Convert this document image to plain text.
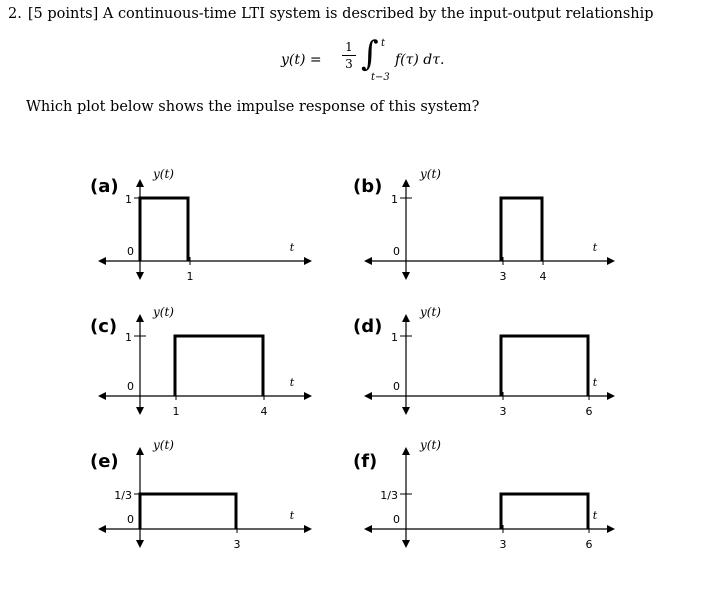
2. [5 points] A continuous-time LTI system is described by the input-output relationship
y(t) =
1
3 ∫ t
t−3
f(τ) dτ.
Which plot below shows the impulse response of this system?
(a)
y(t)
t
0
1
1
(b)
y(t)
t
0
1
3	4
(c)
y(t)
t
0
1
1	4
(d)
y(t)
t
0
1
3	6
(e)
y(t)
t
0
1/3
3
(f)
y(t)
t
0
1/3
3	6
